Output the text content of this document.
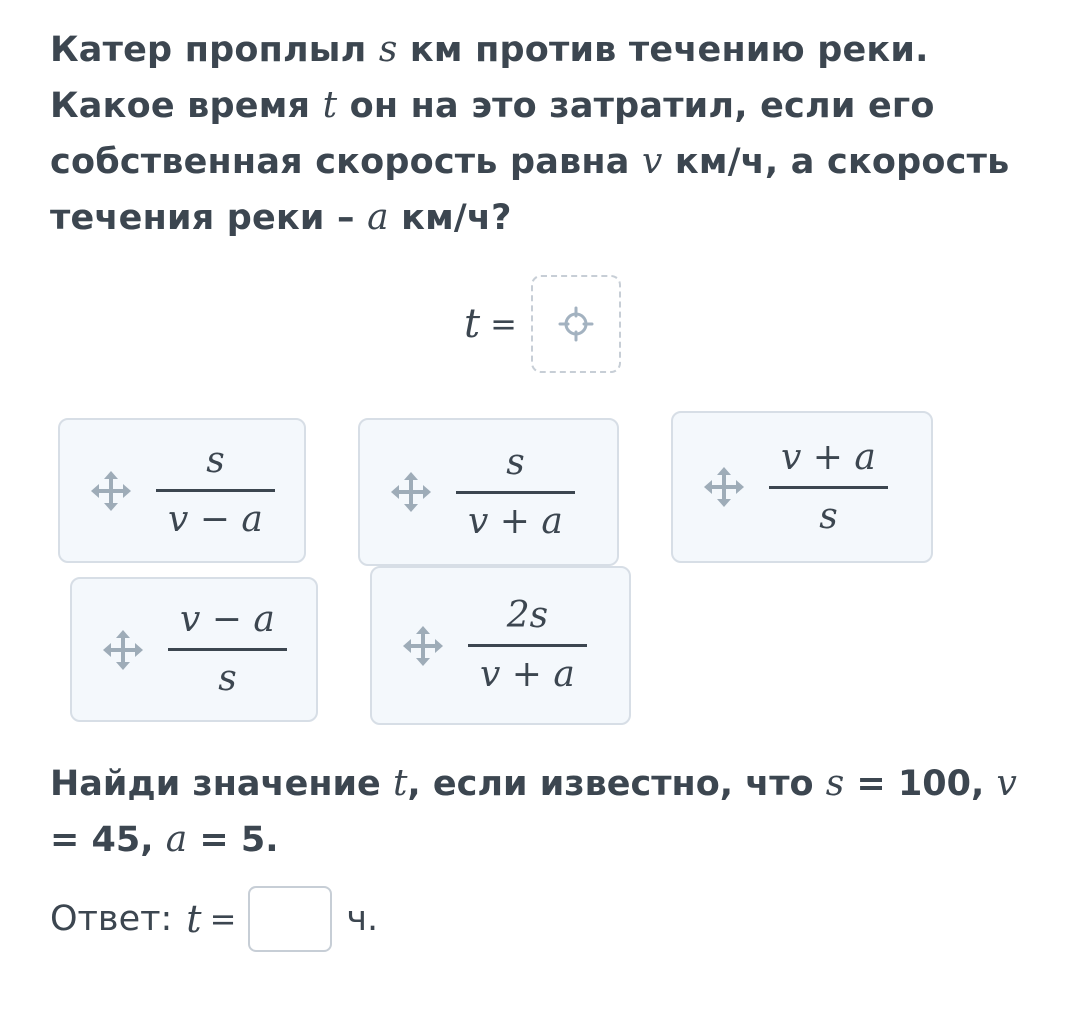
Катер проплыл s км против течению реки. Какое время t он на это затратил, если его собственная скорость равна v км/ч, а скорость течения реки – a км/ч?

t =
$\frac{s}{v - a}$	$\frac{s}{v + a}$	$\frac{v + a}{s}$
$\frac{v - a}{s}$	$\frac{2s}{v + a}$

Найди значение t, если известно, что s = 100, v = 45, a = 5.

Ответ: t =	ч.
